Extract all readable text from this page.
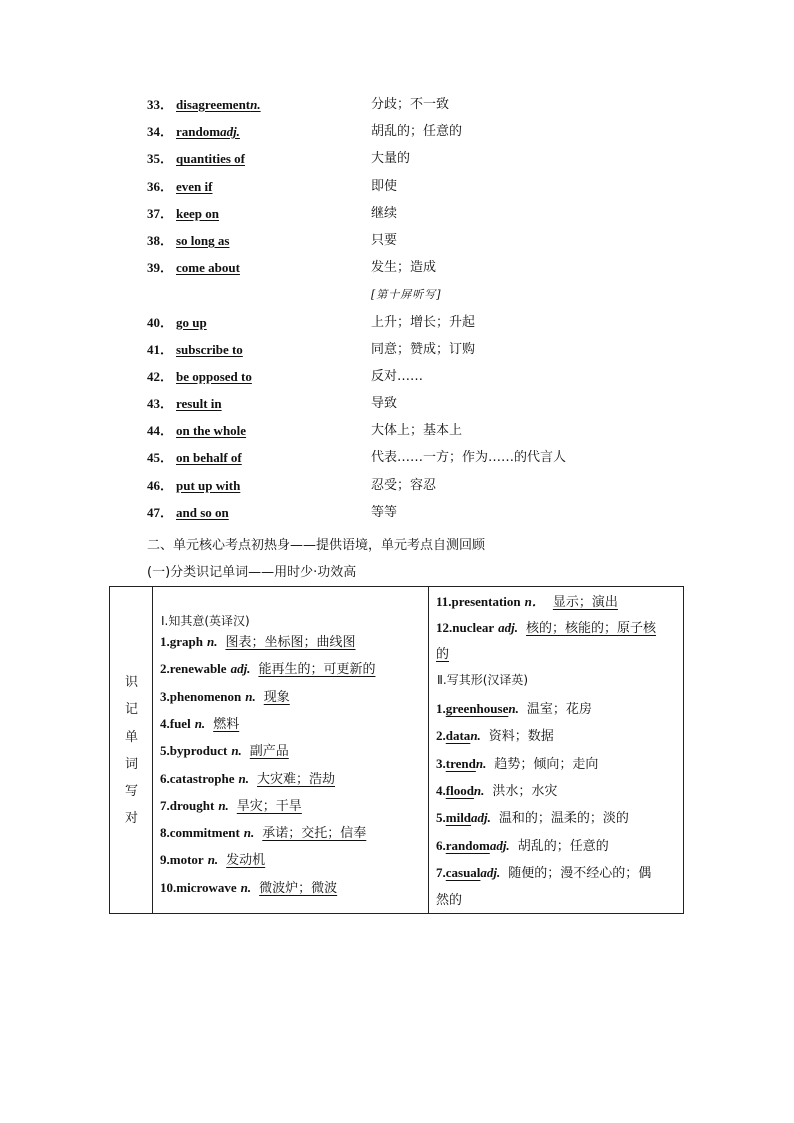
33． disagreementn.	分歧；不一致
34． randomadj.	胡乱的；任意的
35． quantities of	大量的
36． even if	即使
37． keep on	继续
38． so long as	只要
39． come about	发生；造成
[第十屏听写]
40． go up	上升；增长；升起
41． subscribe to	同意；赞成；订购
42． be opposed to	反对……
43． result in	导致
44． on the whole	大体上；基本上
45． on behalf of	代表……一方；作为……的代言人
46． put up with	忍受；容忍
47． and so on	等等
二、单元核心考点初热身——提供语境，单元考点自测回顾
(一)分类识记单词——用时少·功效高
识
记
单
词
写
对
Ⅰ.知其意(英译汉)
1.graph n. 图表；坐标图；曲线图
2.renewable adj. 能再生的；可更新的
3.phenomenon n. 现象
4.fuel n. 燃料
5.byproduct n. 副产品
6.catastrophe n. 大灾难；浩劫
7.drought n. 旱灾；干旱
8.commitment n. 承诺；交托；信奉
9.motor n. 发动机
10.microwave n. 微波炉；微波
Ⅱ.写其形(汉译英)
11.presentation n． 显示；演出
12.nuclear adj. 核的；核能的；原子核
的
1.greenhousen. 温室；花房
2.datan. 资料；数据
3.trendn. 趋势；倾向；走向
4.floodn. 洪水；水灾
5.mildadj. 温和的；温柔的；淡的
6.randomadj. 胡乱的；任意的
7.casualadj. 随便的；漫不经心的；偶
然的
